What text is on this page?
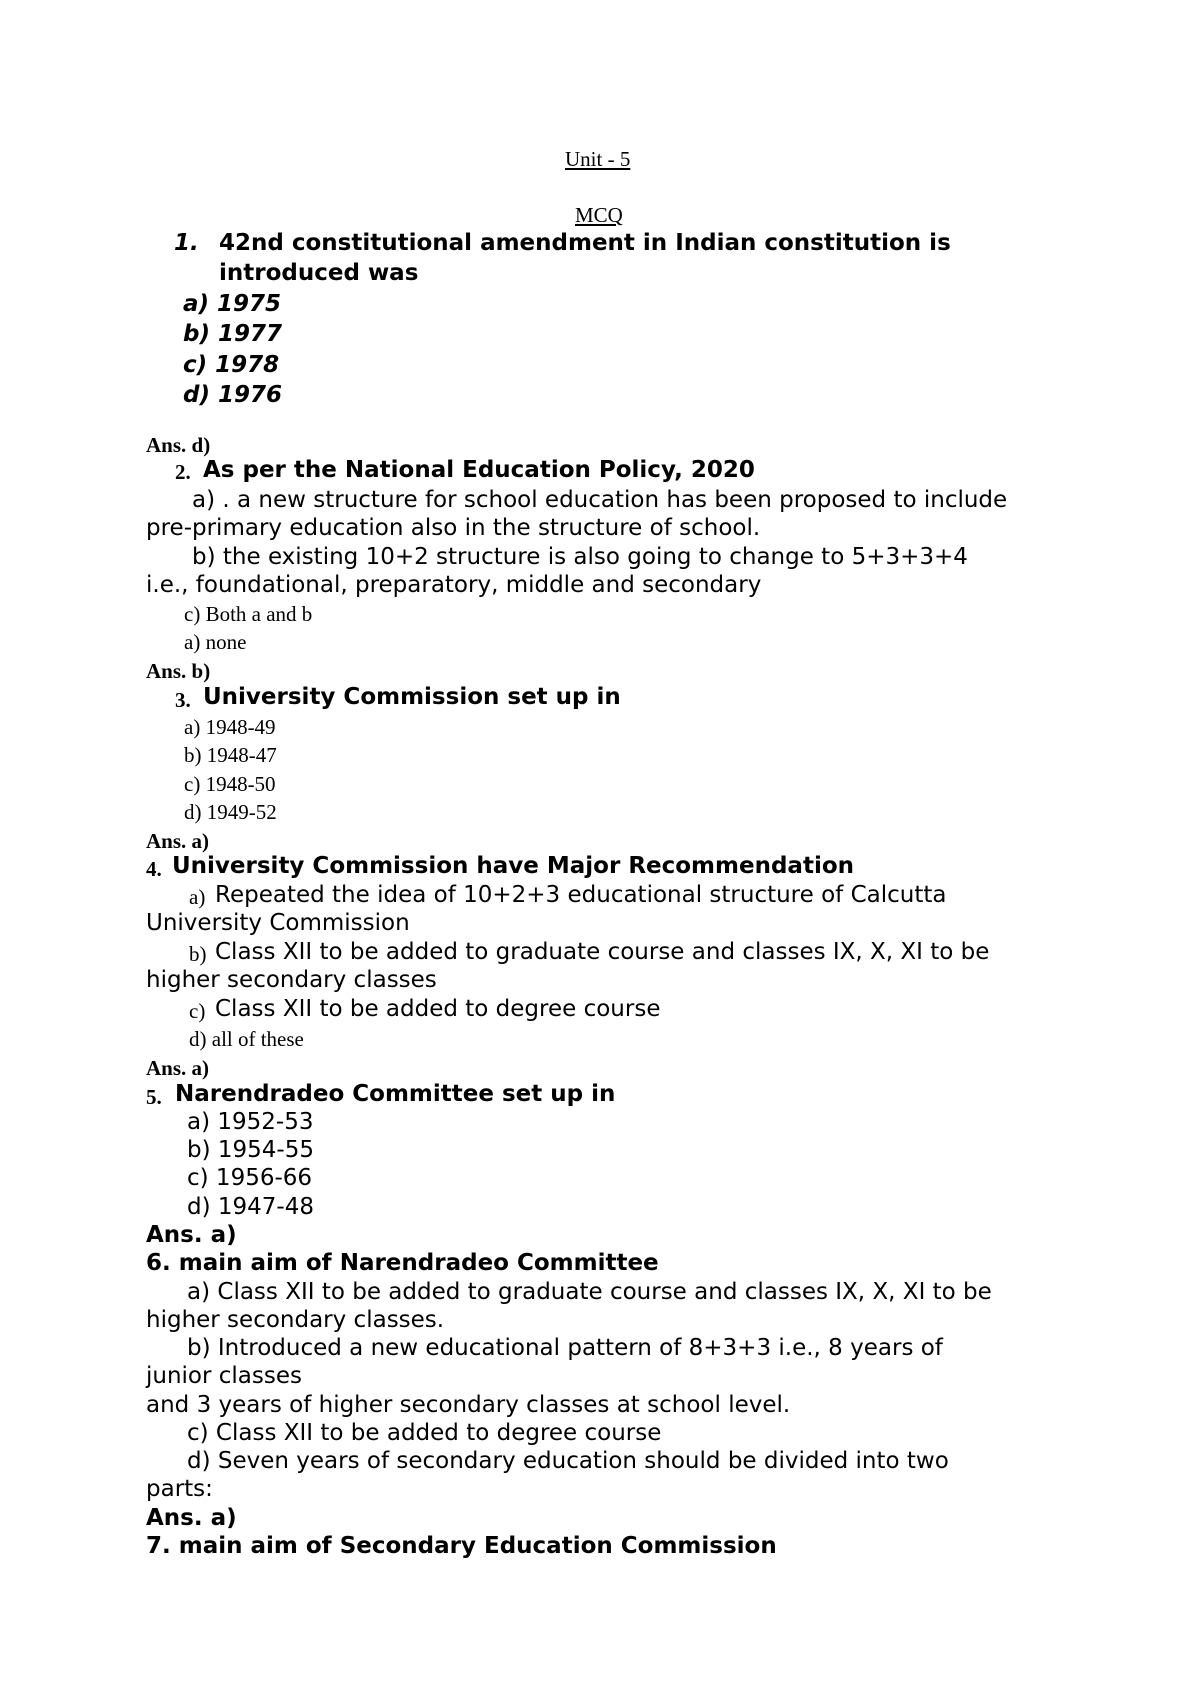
Unit - 5
MCQ
1. 42nd constitutional amendment in Indian constitution is
introduced was
a) 1975
b) 1977
c) 1978
d) 1976
Ans. d)
2. As per the National Education Policy, 2020
a) . a new structure for school education has been proposed to include
pre-primary education also in the structure of school.
b) the existing 10+2 structure is also going to change to 5+3+3+4
i.e., foundational, preparatory, middle and secondary
c) Both a and b
a) none
Ans. b)
3. University Commission set up in
a) 1948-49
b) 1948-47
c) 1948-50
d) 1949-52
Ans. a)
4. University Commission have Major Recommendation
a) Repeated the idea of 10+2+3 educational structure of Calcutta
University Commission
b) Class XII to be added to graduate course and classes IX, X, XI to be
higher secondary classes
c) Class XII to be added to degree course
d) all of these
Ans. a)
5. Narendradeo Committee set up in
a) 1952-53
b) 1954-55
c) 1956-66
d) 1947-48
Ans. a)
6. main aim of Narendradeo Committee
a) Class XII to be added to graduate course and classes IX, X, XI to be
higher secondary classes.
b) Introduced a new educational pattern of 8+3+3 i.e., 8 years of
junior classes
and 3 years of higher secondary classes at school level.
c) Class XII to be added to degree course
d) Seven years of secondary education should be divided into two
parts:
Ans. a)
7. main aim of Secondary Education Commission
